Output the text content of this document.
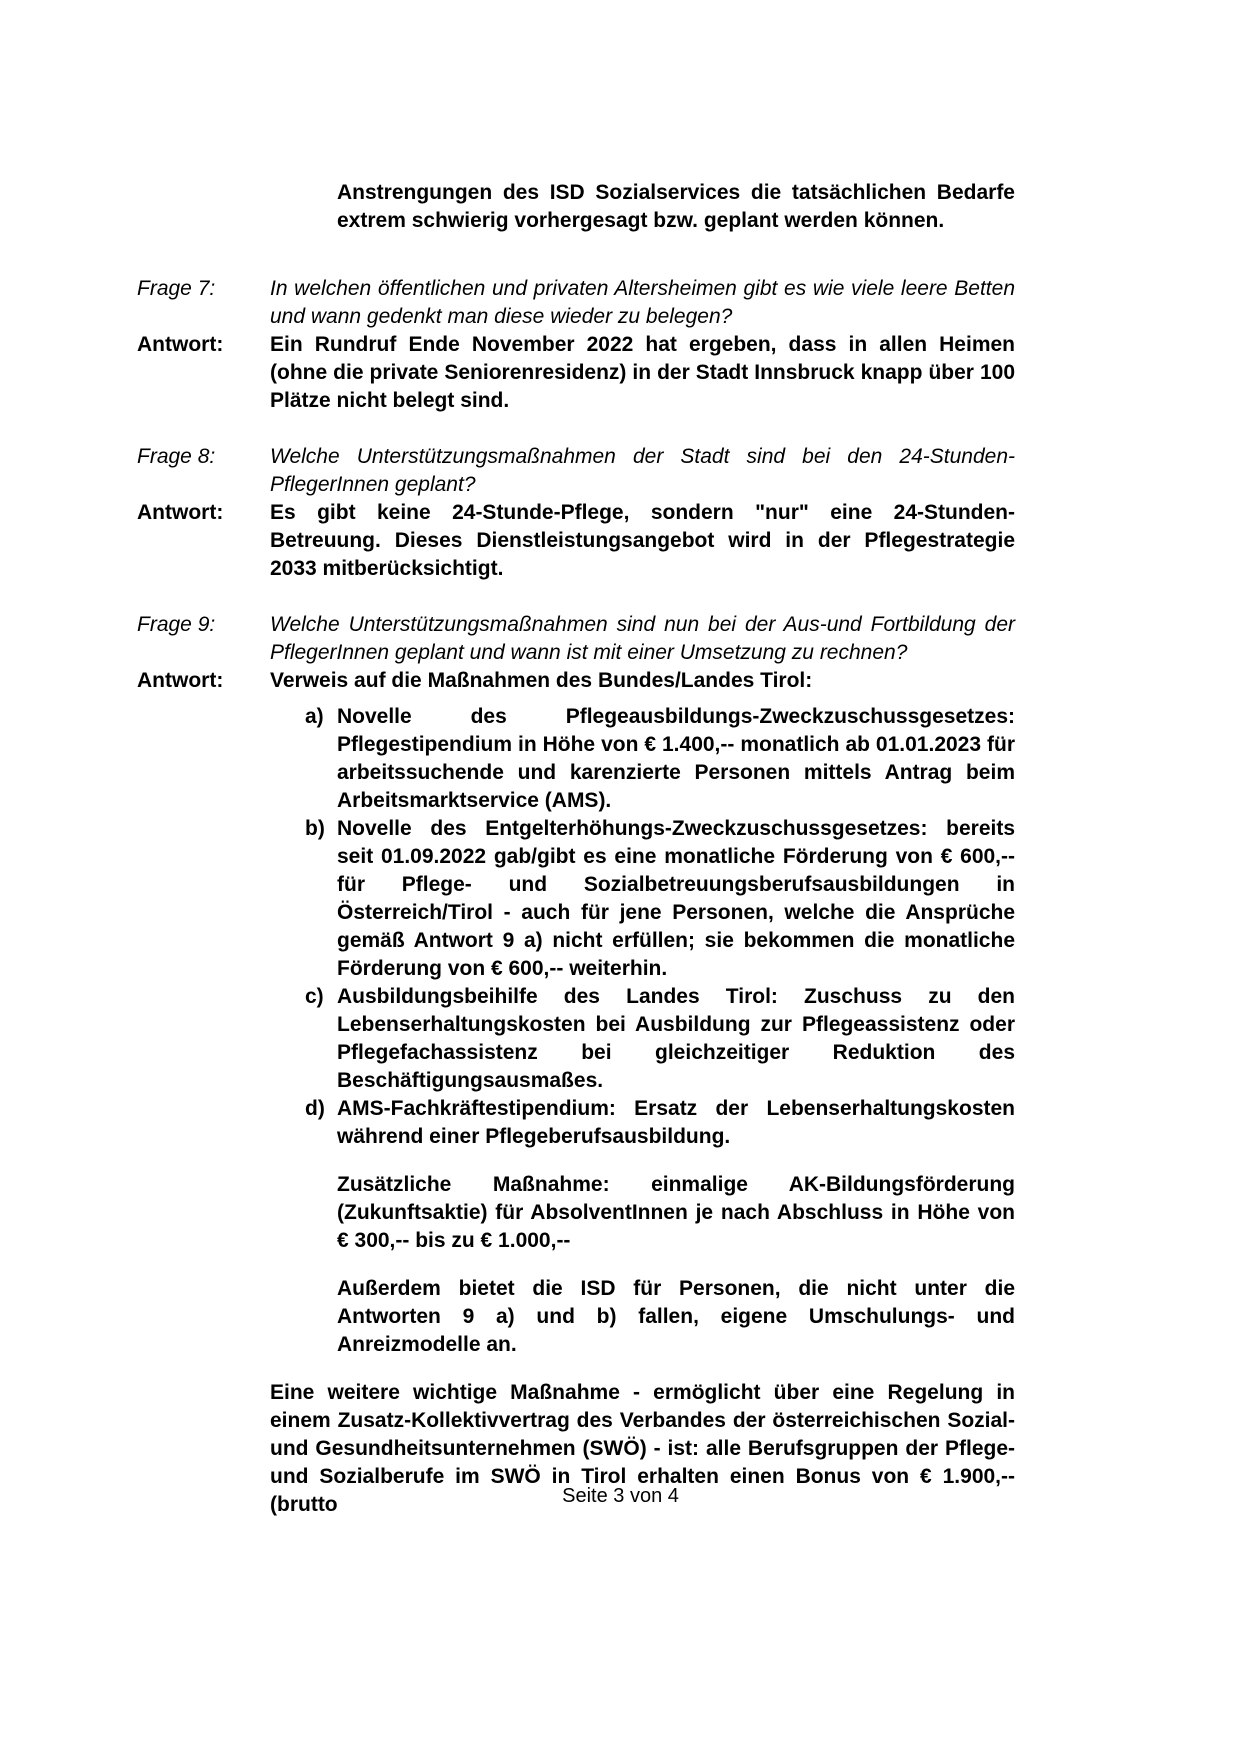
Anstrengungen des ISD Sozialservices die tatsächlichen Bedarfe extrem schwierig vorhergesagt bzw. geplant werden können.

Frage 7:	In welchen öffentlichen und privaten Altersheimen gibt es wie viele leere Betten und wann gedenkt man diese wieder zu belegen?

Antwort:	Ein Rundruf Ende November 2022 hat ergeben, dass in allen Heimen (ohne die private Seniorenresidenz) in der Stadt Innsbruck knapp über 100 Plätze nicht belegt sind.

Frage 8:	Welche Unterstützungsmaßnahmen der Stadt sind bei den 24-Stunden-PflegerInnen geplant?

Antwort:	Es gibt keine 24-Stunde-Pflege, sondern "nur" eine 24-Stunden-Betreuung. Dieses Dienstleistungsangebot wird in der Pflegestrategie 2033 mitberücksichtigt.

Frage 9:	Welche Unterstützungsmaßnahmen sind nun bei der Aus-und Fortbildung der PflegerInnen geplant und wann ist mit einer Umsetzung zu rechnen?

Antwort:	Verweis auf die Maßnahmen des Bundes/Landes Tirol:

a) Novelle des Pflegeausbildungs-Zweckzuschussgesetzes: Pflegestipendium in Höhe von € 1.400,-- monatlich ab 01.01.2023 für arbeitssuchende und karenzierte Personen mittels Antrag beim Arbeitsmarktservice (AMS).

b) Novelle des Entgelterhöhungs-Zweckzuschussgesetzes: bereits seit 01.09.2022 gab/gibt es eine monatliche Förderung von € 600,-- für Pflege- und Sozialbetreuungsberufsausbildungen in Österreich/Tirol - auch für jene Personen, welche die Ansprüche gemäß Antwort 9 a) nicht erfüllen; sie bekommen die monatliche Förderung von € 600,-- weiterhin.

c) Ausbildungsbeihilfe des Landes Tirol: Zuschuss zu den Lebenserhaltungskosten bei Ausbildung zur Pflegeassistenz oder Pflegefachassistenz bei gleichzeitiger Reduktion des Beschäftigungsausmaßes.

d) AMS-Fachkräftestipendium: Ersatz der Lebenserhaltungskosten während einer Pflegeberufsausbildung.

Zusätzliche Maßnahme: einmalige AK-Bildungsförderung (Zukunftsaktie) für AbsolventInnen je nach Abschluss in Höhe von € 300,-- bis zu € 1.000,--

Außerdem bietet die ISD für Personen, die nicht unter die Antworten 9 a) und b) fallen, eigene Umschulungs- und Anreizmodelle an.

Eine weitere wichtige Maßnahme - ermöglicht über eine Regelung in einem Zusatz-Kollektivvertrag des Verbandes der österreichischen Sozial- und Gesundheitsunternehmen (SWÖ) - ist: alle Berufsgruppen der Pflege- und Sozialberufe im SWÖ in Tirol erhalten einen Bonus von € 1.900,-- (brutto	Seite 3 von 4
